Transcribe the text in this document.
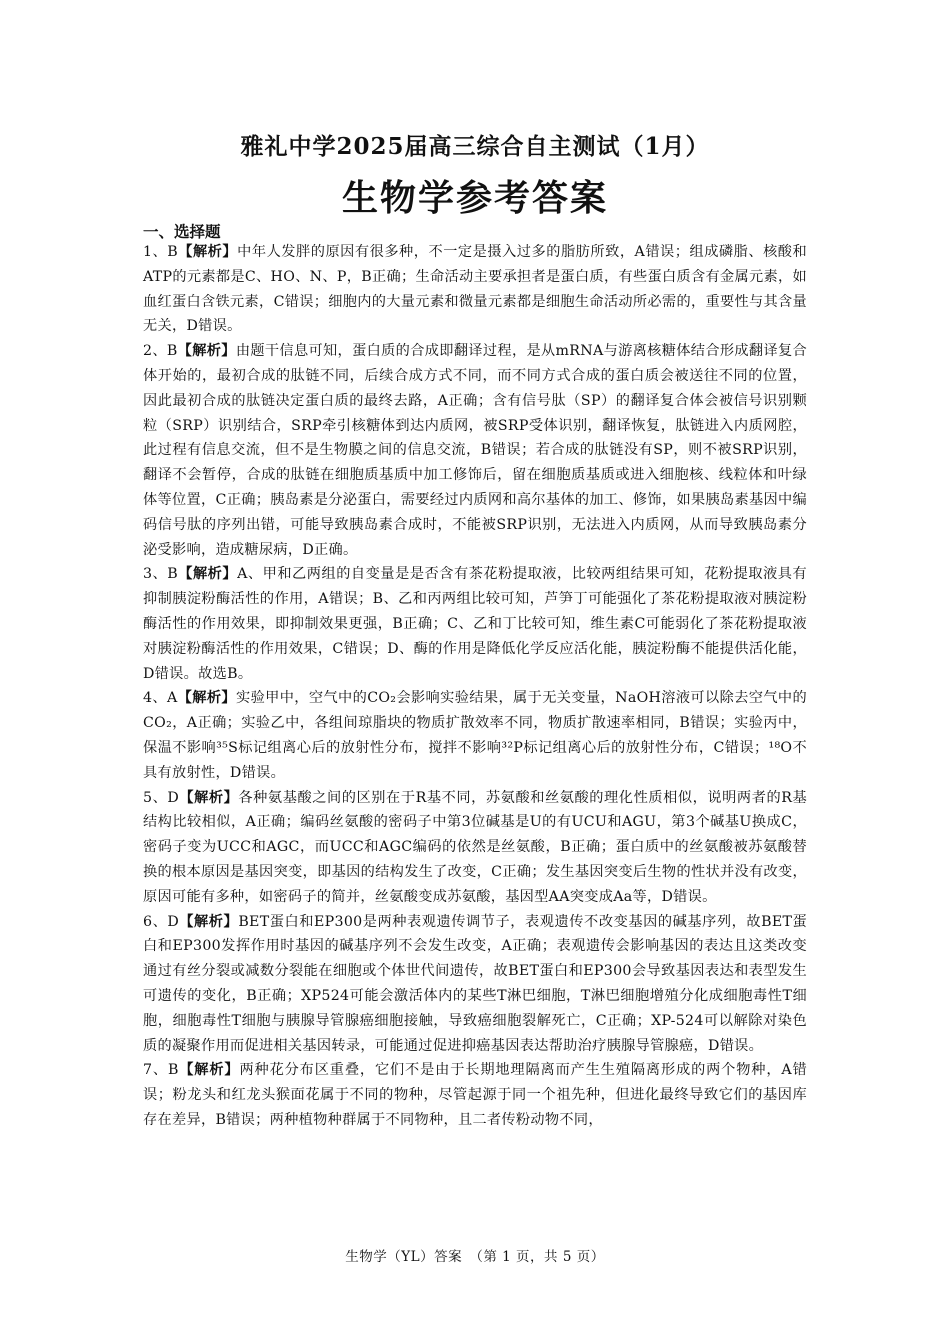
雅礼中学2025届高三综合自主测试（1月）
生物学参考答案
一、选择题

1、B【解析】中年人发胖的原因有很多种，不一定是摄入过多的脂肪所致，A错误；组成磷脂、核酸和ATP的元素都是C、HO、N、P，B正确；生命活动主要承担者是蛋白质，有些蛋白质含有金属元素，如血红蛋白含铁元素，C错误；细胞内的大量元素和微量元素都是细胞生命活动所必需的，重要性与其含量无关，D错误。

2、B【解析】由题干信息可知，蛋白质的合成即翻译过程，是从mRNA与游离核糖体结合形成翻译复合体开始的，最初合成的肽链不同，后续合成方式不同，而不同方式合成的蛋白质会被送往不同的位置，因此最初合成的肽链决定蛋白质的最终去路，A正确；含有信号肽（SP）的翻译复合体会被信号识别颗粒（SRP）识别结合，SRP牵引核糖体到达内质网，被SRP受体识别，翻译恢复，肽链进入内质网腔，此过程有信息交流，但不是生物膜之间的信息交流，B错误；若合成的肽链没有SP，则不被SRP识别，翻译不会暂停，合成的肽链在细胞质基质中加工修饰后，留在细胞质基质或进入细胞核、线粒体和叶绿体等位置，C正确；胰岛素是分泌蛋白，需要经过内质网和高尔基体的加工、修饰，如果胰岛素基因中编码信号肽的序列出错，可能导致胰岛素合成时，不能被SRP识别，无法进入内质网，从而导致胰岛素分泌受影响，造成糖尿病，D正确。

3、B【解析】A、甲和乙两组的自变量是是否含有茶花粉提取液，比较两组结果可知，花粉提取液具有抑制胰淀粉酶活性的作用，A错误；B、乙和丙两组比较可知，芦笋丁可能强化了茶花粉提取液对胰淀粉酶活性的作用效果，即抑制效果更强，B正确；C、乙和丁比较可知，维生素C可能弱化了茶花粉提取液对胰淀粉酶活性的作用效果，C错误；D、酶的作用是降低化学反应活化能，胰淀粉酶不能提供活化能，D错误。故选B。

4、A【解析】实验甲中，空气中的CO₂会影响实验结果，属于无关变量，NaOH溶液可以除去空气中的CO₂，A正确；实验乙中，各组间琼脂块的物质扩散效率不同，物质扩散速率相同，B错误；实验丙中，保温不影响³⁵S标记组离心后的放射性分布，搅拌不影响³²P标记组离心后的放射性分布，C错误；¹⁸O不具有放射性，D错误。

5、D【解析】各种氨基酸之间的区别在于R基不同，苏氨酸和丝氨酸的理化性质相似，说明两者的R基结构比较相似，A正确；编码丝氨酸的密码子中第3位碱基是U的有UCU和AGU，第3个碱基U换成C，密码子变为UCC和AGC，而UCC和AGC编码的依然是丝氨酸，B正确；蛋白质中的丝氨酸被苏氨酸替换的根本原因是基因突变，即基因的结构发生了改变，C正确；发生基因突变后生物的性状并没有改变，原因可能有多种，如密码子的简并，丝氨酸变成苏氨酸，基因型AA突变成Aa等，D错误。

6、D【解析】BET蛋白和EP300是两种表观遗传调节子，表观遗传不改变基因的碱基序列，故BET蛋白和EP300发挥作用时基因的碱基序列不会发生改变，A正确；表观遗传会影响基因的表达且这类改变通过有丝分裂或减数分裂能在细胞或个体世代间遗传，故BET蛋白和EP300会导致基因表达和表型发生可遗传的变化，B正确；XP524可能会激活体内的某些T淋巴细胞，T淋巴细胞增殖分化成细胞毒性T细胞，细胞毒性T细胞与胰腺导管腺癌细胞接触，导致癌细胞裂解死亡，C正确；XP-524可以解除对染色质的凝聚作用而促进相关基因转录，可能通过促进抑癌基因表达帮助治疗胰腺导管腺癌，D错误。

7、B【解析】两种花分布区重叠，它们不是由于长期地理隔离而产生生殖隔离形成的两个物种，A错误；粉龙头和红龙头猴面花属于不同的物种，尽管起源于同一个祖先种，但进化最终导致它们的基因库存在差异，B错误；两种植物种群属于不同物种，且二者传粉动物不同，

生物学（YL）答案　（第 1 页，共 5 页）
